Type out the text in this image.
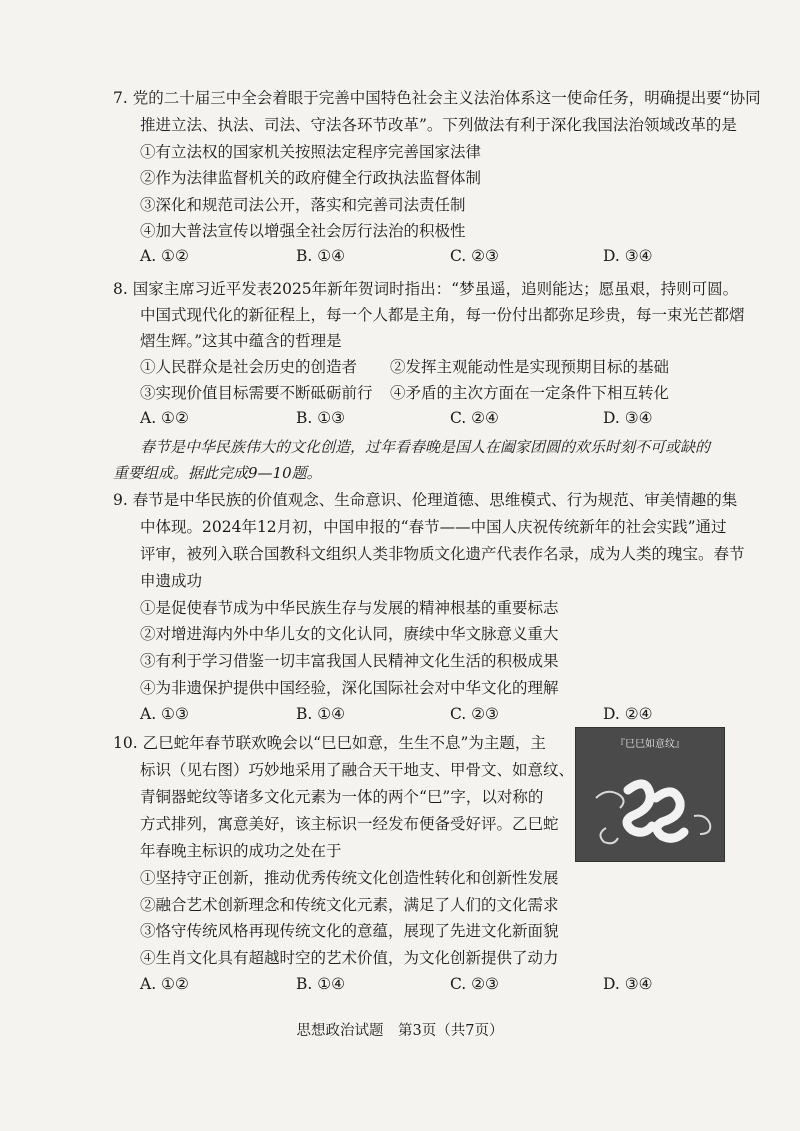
7. 党的二十届三中全会着眼于完善中国特色社会主义法治体系这一使命任务，明确提出要“协同
推进立法、执法、司法、守法各环节改革”。下列做法有利于深化我国法治领域改革的是
①有立法权的国家机关按照法定程序完善国家法律
②作为法律监督机关的政府健全行政执法监督体制
③深化和规范司法公开，落实和完善司法责任制
④加大普法宣传以增强全社会厉行法治的积极性
A. ①②	B. ①④	C. ②③	D. ③④
8. 国家主席习近平发表2025年新年贺词时指出：“梦虽遥，追则能达；愿虽艰，持则可圆。
中国式现代化的新征程上，每一个人都是主角，每一份付出都弥足珍贵，每一束光芒都熠
熠生辉。”这其中蕴含的哲理是
①人民群众是社会历史的创造者 ②发挥主观能动性是实现预期目标的基础
③实现价值目标需要不断砥砺前行 ④矛盾的主次方面在一定条件下相互转化
A. ①②	B. ①③	C. ②④	D. ③④
春节是中华民族伟大的文化创造，过年看春晚是国人在阖家团圆的欢乐时刻不可或缺的
重要组成。据此完成9—10题。
9. 春节是中华民族的价值观念、生命意识、伦理道德、思维模式、行为规范、审美情趣的集
中体现。2024年12月初，中国申报的“春节——中国人庆祝传统新年的社会实践”通过
评审，被列入联合国教科文组织人类非物质文化遗产代表作名录，成为人类的瑰宝。春节
申遗成功
①是促使春节成为中华民族生存与发展的精神根基的重要标志
②对增进海内外中华儿女的文化认同，赓续中华文脉意义重大
③有利于学习借鉴一切丰富我国人民精神文化生活的积极成果
④为非遗保护提供中国经验，深化国际社会对中华文化的理解
A. ①③	B. ①④	C. ②③	D. ②④
10. 乙巳蛇年春节联欢晚会以“巳巳如意，生生不息”为主题，主
标识（见右图）巧妙地采用了融合天干地支、甲骨文、如意纹、
青铜器蛇纹等诸多文化元素为一体的两个“巳”字，以对称的
方式排列，寓意美好，该主标识一经发布便备受好评。乙巳蛇
年春晚主标识的成功之处在于
『巳巳如意纹』
①坚持守正创新，推动优秀传统文化创造性转化和创新性发展
②融合艺术创新理念和传统文化元素，满足了人们的文化需求
③恪守传统风格再现传统文化的意蕴，展现了先进文化新面貌
④生肖文化具有超越时空的艺术价值，为文化创新提供了动力
A. ①②	B. ①④	C. ②③	D. ③④
思想政治试题　第3页（共7页）
